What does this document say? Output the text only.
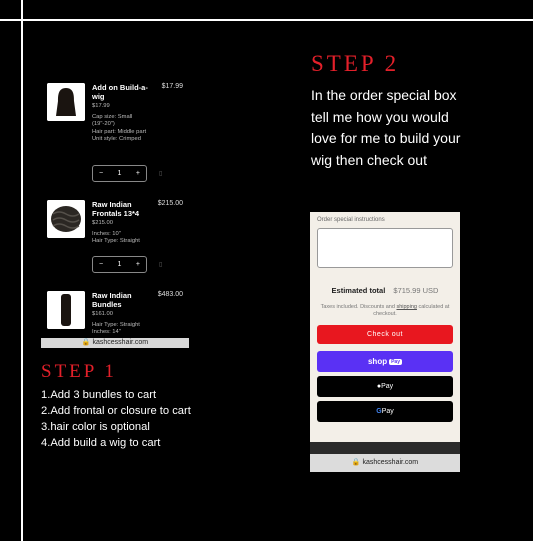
Add on Build-a-wig
$17.99
$17.99
Cap size: Small (19"-20")
Hair part: Middle part
Unit style: Crimped
− 1 +	▯
Raw Indian Frontals 13*4
$215.00
$215.00
Inches: 10"
Hair Type: Straight
− 1 +	▯
Raw Indian Bundles
$483.00
$161.00
Hair Type: Straight
Inches: 14"
🔒 kashcesshair.com
STEP 1
1.Add 3 bundles to cart
2.Add frontal or closure to cart
3.hair color is optional
4.Add build a wig to cart
STEP 2
In the order special box tell me how you would love for me to build your wig then check out
Order special instructions
Estimated total $715.99 USD
Taxes included. Discounts and shipping calculated at checkout.
Check out
shop Pay
● Pay
G Pay
🔒 kashcesshair.com
